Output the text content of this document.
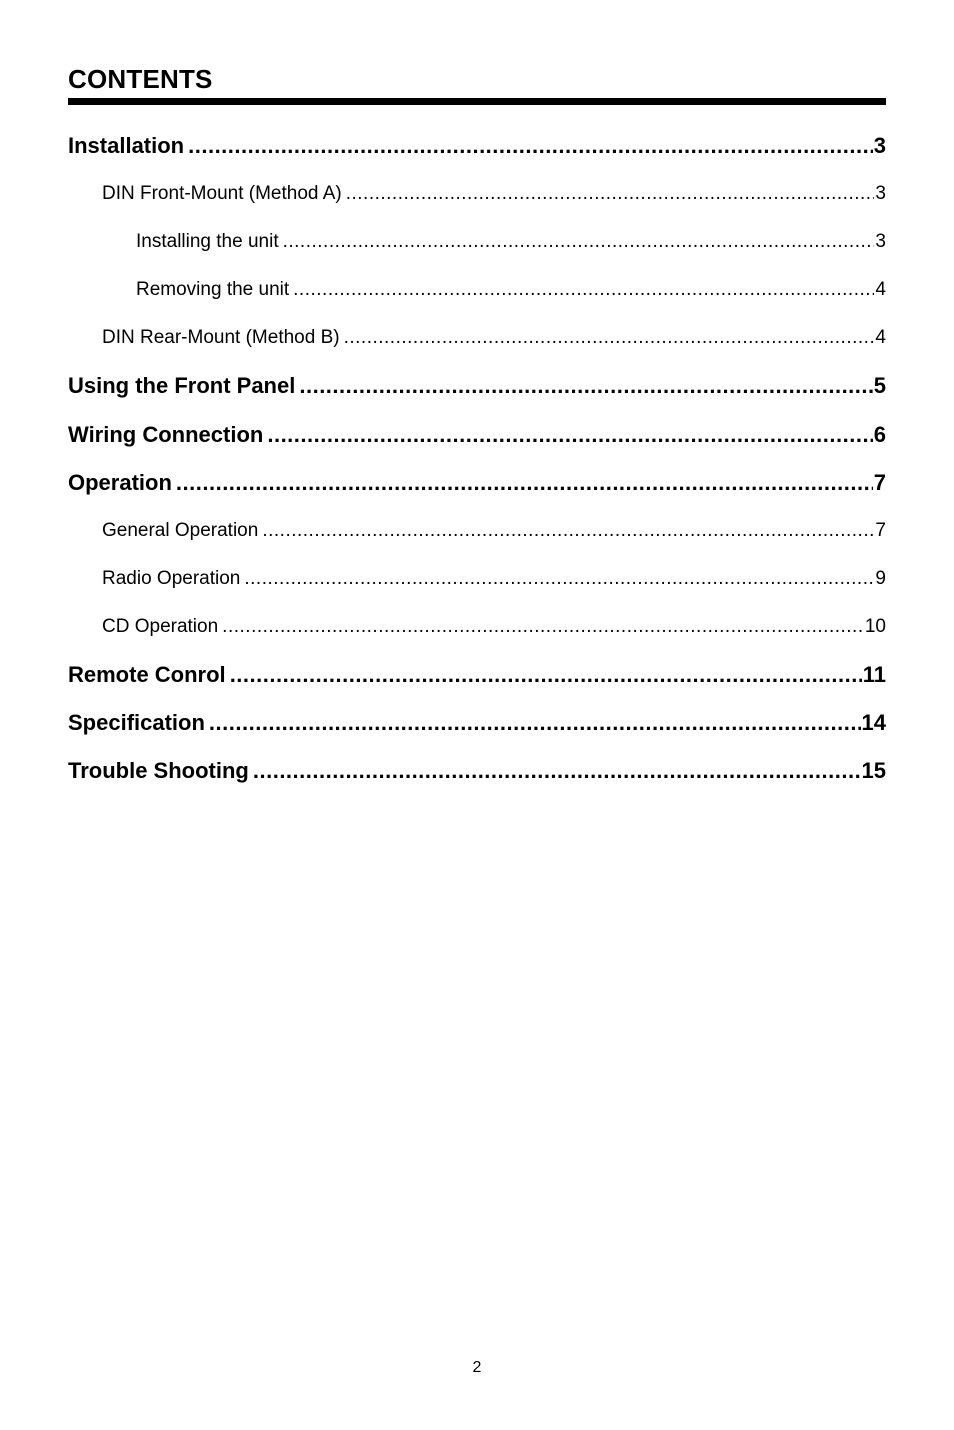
CONTENTS
Installation .....	3
DIN Front-Mount (Method A) .....	3
Installing the unit .....	3
Removing the unit .....	4
DIN Rear-Mount (Method B) .....	4
Using the Front Panel .....	5
Wiring Connection .....	6
Operation .....	7
General Operation .....	7
Radio Operation .....	9
CD Operation .....	10
Remote Conrol .....	11
Specification .....	14
Trouble Shooting .....	15
2
